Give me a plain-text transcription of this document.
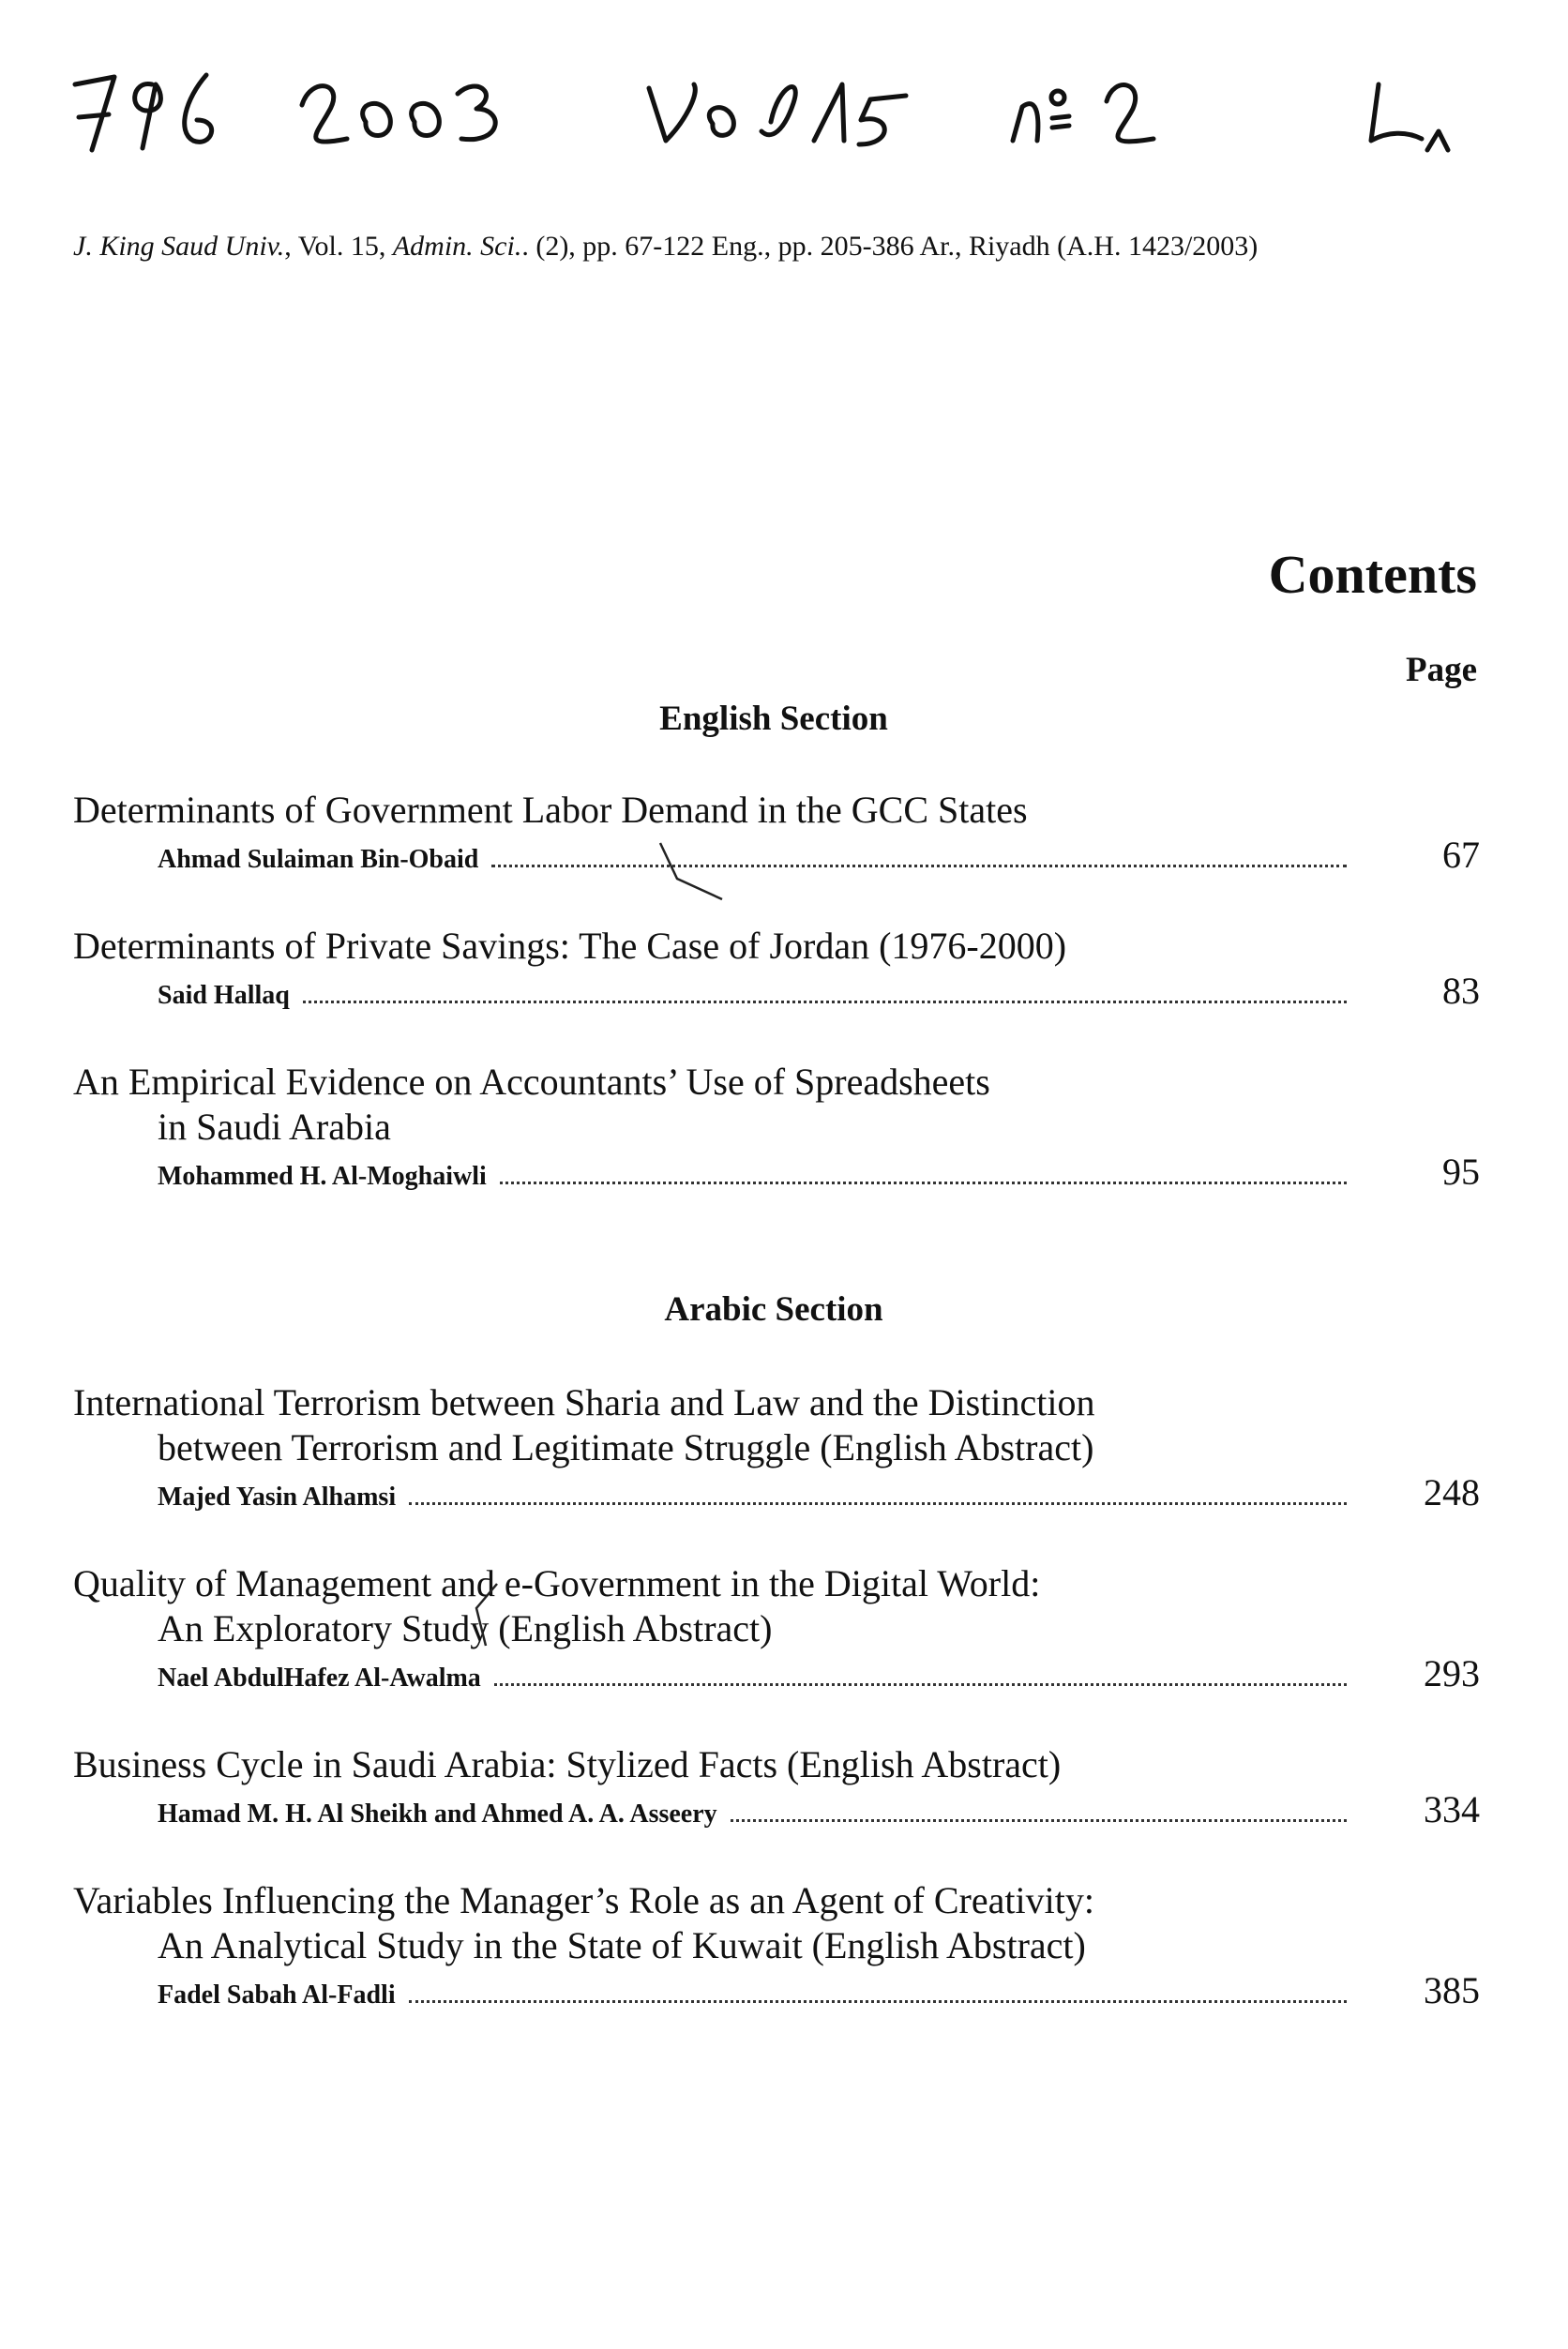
J. King Saud Univ., Vol. 15, Admin. Sci.. (2), pp. 67-122 Eng., pp. 205-386 Ar., Riyadh (A.H. 1423/2003)
Contents
Page
English Section
Determinants of Government Labor Demand in the GCC States
Ahmad Sulaiman Bin-Obaid	67
Determinants of Private Savings: The Case of Jordan (1976-2000)
Said Hallaq	83
An Empirical Evidence on Accountants’ Use of Spreadsheets
in Saudi Arabia
Mohammed H. Al-Moghaiwli	95
Arabic Section
International Terrorism between Sharia and Law and the Distinction
between Terrorism and Legitimate Struggle (English Abstract)
Majed Yasin Alhamsi	248
Quality of Management and e-Government in the Digital World:
An Exploratory Study (English Abstract)
Nael AbdulHafez Al-Awalma	293
Business Cycle in Saudi Arabia: Stylized Facts (English Abstract)
Hamad M. H. Al Sheikh and Ahmed A. A. Asseery	334
Variables Influencing the Manager’s Role as an Agent of Creativity:
An Analytical Study in the State of Kuwait (English Abstract)
Fadel Sabah Al-Fadli	385
